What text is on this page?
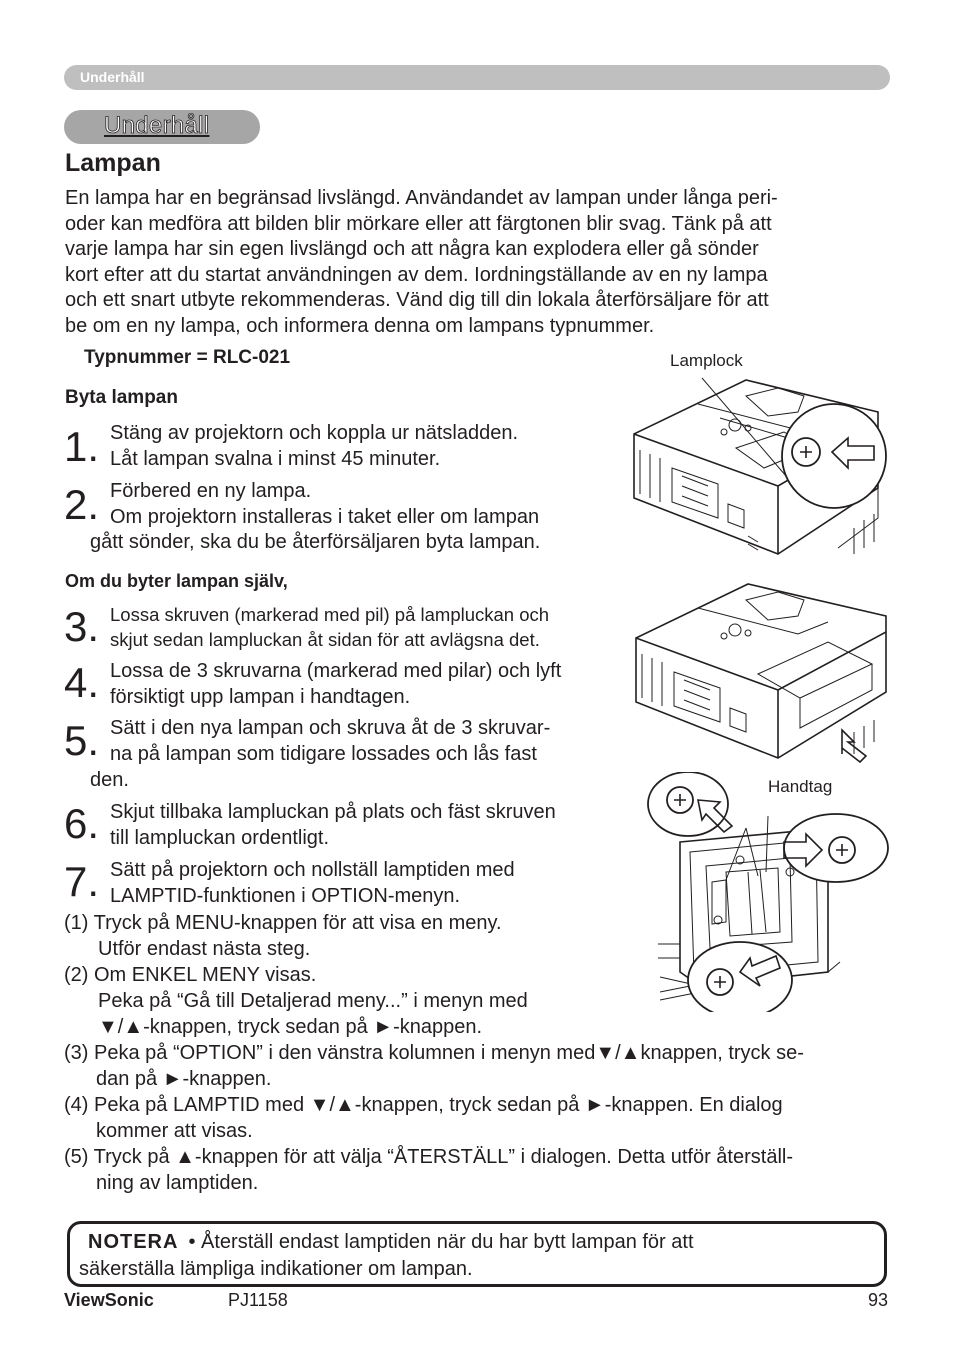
Underhåll
Underhåll
Lampan
En lampa har en begränsad livslängd. Användandet av lampan under långa peri-
oder kan medföra att bilden blir mörkare eller att färgtonen blir svag. Tänk på att
varje lampa har sin egen livslängd och att några kan explodera eller gå sönder
kort efter att du startat användningen av dem. Iordningställande av en ny lampa
och ett snart utbyte rekommenderas. Vänd dig till din lokala återförsäljare för att
be om en ny lampa, och informera denna om lampans typnummer.
Typnummer = RLC-021
Byta lampan
1. Stäng av projektorn och koppla ur nätsladden.
Låt lampan svalna i minst 45 minuter.
2. Förbered en ny lampa.
Om projektorn installeras i taket eller om lampan
gått sönder, ska du be återförsäljaren byta lampan.
Om du byter lampan själv,
3. Lossa skruven (markerad med pil) på lampluckan och
skjut sedan lampluckan åt sidan för att avlägsna det.
4. Lossa de 3 skruvarna (markerad med pilar) och lyft
försiktigt upp lampan i handtagen.
5. Sätt i den nya lampan och skruva åt de 3 skruvar-
na på lampan som tidigare lossades och lås fast
den.
6. Skjut tillbaka lampluckan på plats och fäst skruven
till lampluckan ordentligt.
7. Sätt på projektorn och nollställ lamptiden med
LAMPTID-funktionen i OPTION-menyn.
(1) Tryck på MENU-knappen för att visa en meny.
Utför endast nästa steg.
(2) Om ENKEL MENY visas.
Peka på “Gå till Detaljerad meny...” i menyn med
▼/▲-knappen, tryck sedan på ►-knappen.
(3) Peka på “OPTION” i den vänstra kolumnen i menyn med▼/▲knappen, tryck se-
dan på ►-knappen.
(4) Peka på LAMPTID med ▼/▲-knappen, tryck sedan på ►-knappen. En dialog
kommer att visas.
(5) Tryck på ▲-knappen för att välja “ÅTERSTÄLL” i dialogen. Detta utför återställ-
ning av lamptiden.
Lamplock
Handtag
NOTERA • Återställ endast lamptiden när du har bytt lampan för att
säkerställa lämpliga indikationer om lampan.
ViewSonic	PJ1158	93
